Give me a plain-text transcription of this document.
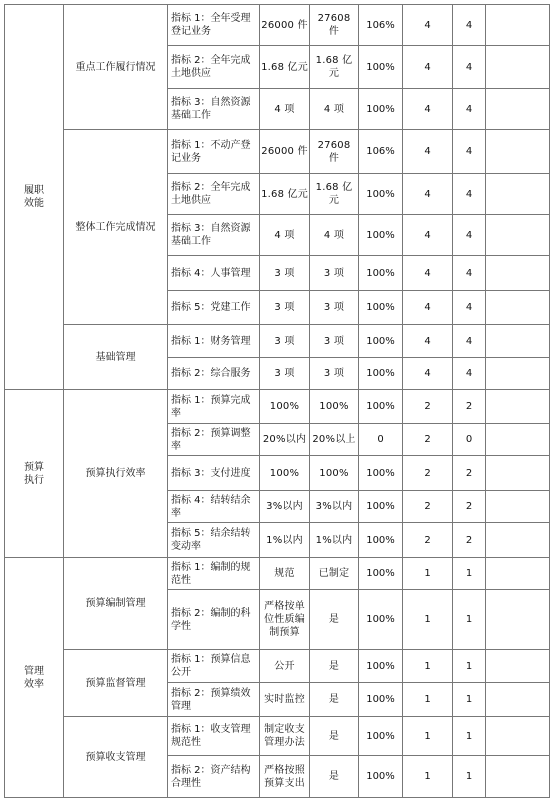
履职
效能	重点工作履行情况	指标 1：全年受理登记业务	26000 件	27608 件	106%	4	4	
		指标 2：全年完成土地供应	1.68 亿元	1.68 亿元	100%	4	4	
		指标 3：自然资源基础工作	4 项	4 项	100%	4	4	
	整体工作完成情况	指标 1：不动产登记业务	26000 件	27608 件	106%	4	4	
		指标 2：全年完成土地供应	1.68 亿元	1.68 亿元	100%	4	4	
		指标 3：自然资源基础工作	4 项	4 项	100%	4	4	
		指标 4：人事管理	3 项	3 项	100%	4	4	
		指标 5：党建工作	3 项	3 项	100%	4	4	
	基础管理	指标 1：财务管理	3 项	3 项	100%	4	4	
		指标 2：综合服务	3 项	3 项	100%	4	4	
预算
执行	预算执行效率	指标 1：预算完成率	100%	100%	100%	2	2	
		指标 2：预算调整率	20%以内	20%以上	0	2	0	
		指标 3：支付进度	100%	100%	100%	2	2	
		指标 4：结转结余率	3%以内	3%以内	100%	2	2	
		指标 5：结余结转变动率	1%以内	1%以内	100%	2	2	
管理
效率	预算编制管理	指标 1：编制的规范性	规范	已制定	100%	1	1	
		指标 2：编制的科学性	严格按单位性质编制预算	是	100%	1	1	
	预算监督管理	指标 1：预算信息公开	公开	是	100%	1	1	
		指标 2：预算绩效管理	实时监控	是	100%	1	1	
	预算收支管理	指标 1：收支管理规范性	制定收支管理办法	是	100%	1	1	
		指标 2：资产结构合理性	严格按照预算支出	是	100%	1	1	
